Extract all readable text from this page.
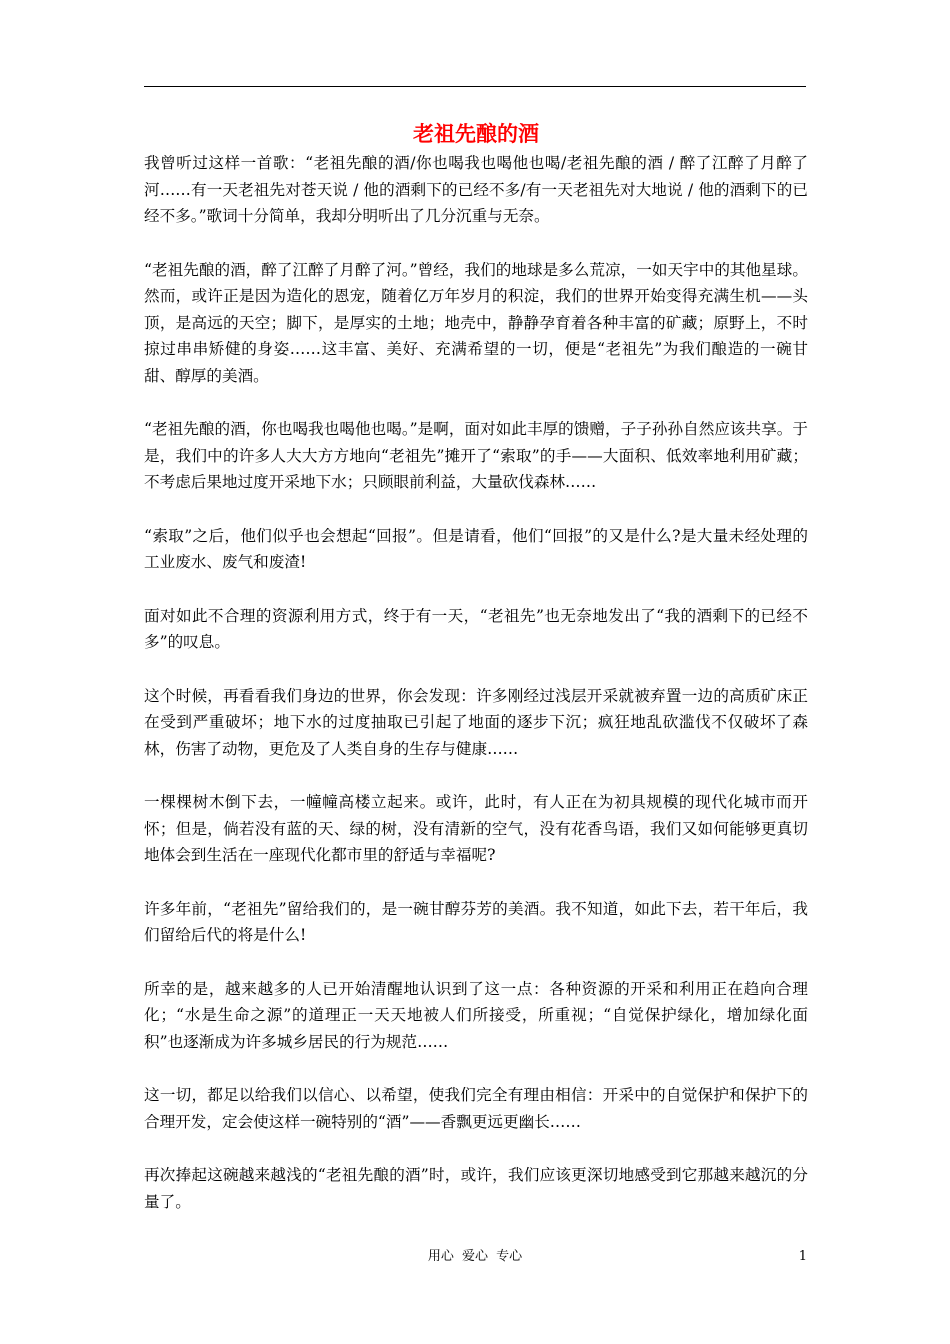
老祖先酿的酒

我曾听过这样一首歌：“老祖先酿的酒/你也喝我也喝他也喝/老祖先酿的酒 / 醉了江醉了月醉了河……有一天老祖先对苍天说 / 他的酒剩下的已经不多/有一天老祖先对大地说 / 他的酒剩下的已经不多。”歌词十分简单，我却分明听出了几分沉重与无奈。

“老祖先酿的酒，醉了江醉了月醉了河。”曾经，我们的地球是多么荒凉，一如天宇中的其他星球。然而，或许正是因为造化的恩宠，随着亿万年岁月的积淀，我们的世界开始变得充满生机——头顶，是高远的天空；脚下，是厚实的土地；地壳中，静静孕育着各种丰富的矿藏；原野上，不时掠过串串矫健的身姿……这丰富、美好、充满希望的一切，便是“老祖先”为我们酿造的一碗甘甜、醇厚的美酒。

“老祖先酿的酒，你也喝我也喝他也喝。”是啊，面对如此丰厚的馈赠，子子孙孙自然应该共享。于是，我们中的许多人大大方方地向“老祖先”摊开了“索取”的手——大面积、低效率地利用矿藏；不考虑后果地过度开采地下水；只顾眼前利益，大量砍伐森林……

“索取”之后，他们似乎也会想起“回报”。但是请看，他们“回报”的又是什么?是大量未经处理的工业废水、废气和废渣!

面对如此不合理的资源利用方式，终于有一天，“老祖先”也无奈地发出了“我的酒剩下的已经不多”的叹息。

这个时候，再看看我们身边的世界，你会发现：许多刚经过浅层开采就被弃置一边的高质矿床正在受到严重破坏；地下水的过度抽取已引起了地面的逐步下沉；疯狂地乱砍滥伐不仅破坏了森林，伤害了动物，更危及了人类自身的生存与健康……

一棵棵树木倒下去，一幢幢高楼立起来。或许，此时，有人正在为初具规模的现代化城市而开怀；但是，倘若没有蓝的天、绿的树，没有清新的空气，没有花香鸟语，我们又如何能够更真切地体会到生活在一座现代化都市里的舒适与幸福呢?

许多年前，“老祖先”留给我们的，是一碗甘醇芬芳的美酒。我不知道，如此下去，若干年后，我们留给后代的将是什么!

所幸的是，越来越多的人已开始清醒地认识到了这一点：各种资源的开采和利用正在趋向合理化；“水是生命之源”的道理正一天天地被人们所接受，所重视；“自觉保护绿化，增加绿化面积”也逐渐成为许多城乡居民的行为规范……

这一切，都足以给我们以信心、以希望，使我们完全有理由相信：开采中的自觉保护和保护下的合理开发，定会使这样一碗特别的“酒”——香飘更远更幽长……

再次捧起这碗越来越浅的“老祖先酿的酒”时，或许，我们应该更深切地感受到它那越来越沉的分量了。

用心 爱心 专心	1
